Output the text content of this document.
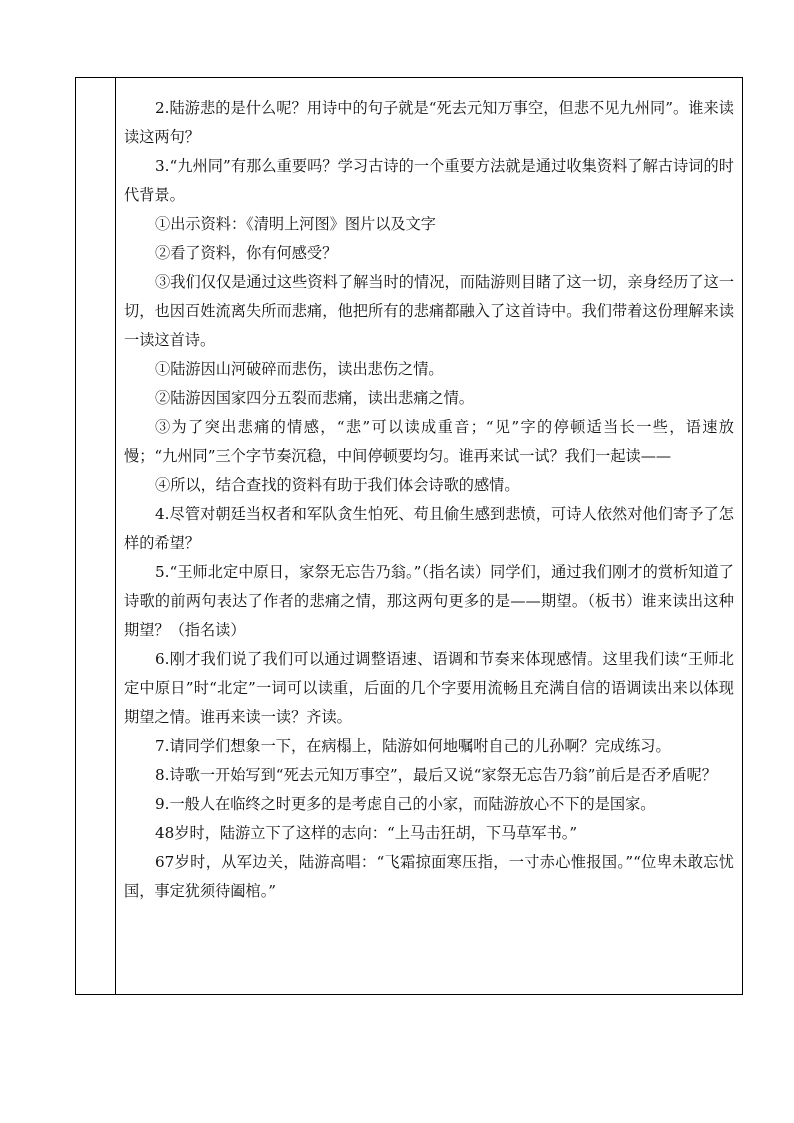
2.陆游悲的是什么呢？用诗中的句子就是“死去元知万事空，但悲不见九州同”。谁来读读这两句？

3.“九州同”有那么重要吗？学习古诗的一个重要方法就是通过收集资料了解古诗词的时代背景。

①出示资料：《清明上河图》图片以及文字

②看了资料，你有何感受？

③我们仅仅是通过这些资料了解当时的情况，而陆游则目睹了这一切，亲身经历了这一切，也因百姓流离失所而悲痛，他把所有的悲痛都融入了这首诗中。我们带着这份理解来读一读这首诗。

①陆游因山河破碎而悲伤，读出悲伤之情。

②陆游因国家四分五裂而悲痛，读出悲痛之情。

③为了突出悲痛的情感，“悲”可以读成重音；“见”字的停顿适当长一些，语速放慢；“九州同”三个字节奏沉稳，中间停顿要均匀。谁再来试一试？我们一起读——

④所以，结合查找的资料有助于我们体会诗歌的感情。

4.尽管对朝廷当权者和军队贪生怕死、苟且偷生感到悲愤，可诗人依然对他们寄予了怎样的希望？

5.“王师北定中原日，家祭无忘告乃翁。”（指名读）同学们，通过我们刚才的赏析知道了诗歌的前两句表达了作者的悲痛之情，那这两句更多的是——期望。（板书）谁来读出这种期望？（指名读）

6.刚才我们说了我们可以通过调整语速、语调和节奏来体现感情。这里我们读“王师北定中原日”时“北定”一词可以读重，后面的几个字要用流畅且充满自信的语调读出来以体现期望之情。谁再来读一读？齐读。

7.请同学们想象一下，在病榻上，陆游如何地嘱咐自己的儿孙啊？完成练习。

8.诗歌一开始写到“死去元知万事空”，最后又说“家祭无忘告乃翁”前后是否矛盾呢？

9.一般人在临终之时更多的是考虑自己的小家，而陆游放心不下的是国家。

48岁时，陆游立下了这样的志向：“上马击狂胡，下马草军书。”

67岁时，从军边关，陆游高唱：“飞霜掠面寒压指，一寸赤心惟报国。”“位卑未敢忘忧国，事定犹须待阖棺。”
